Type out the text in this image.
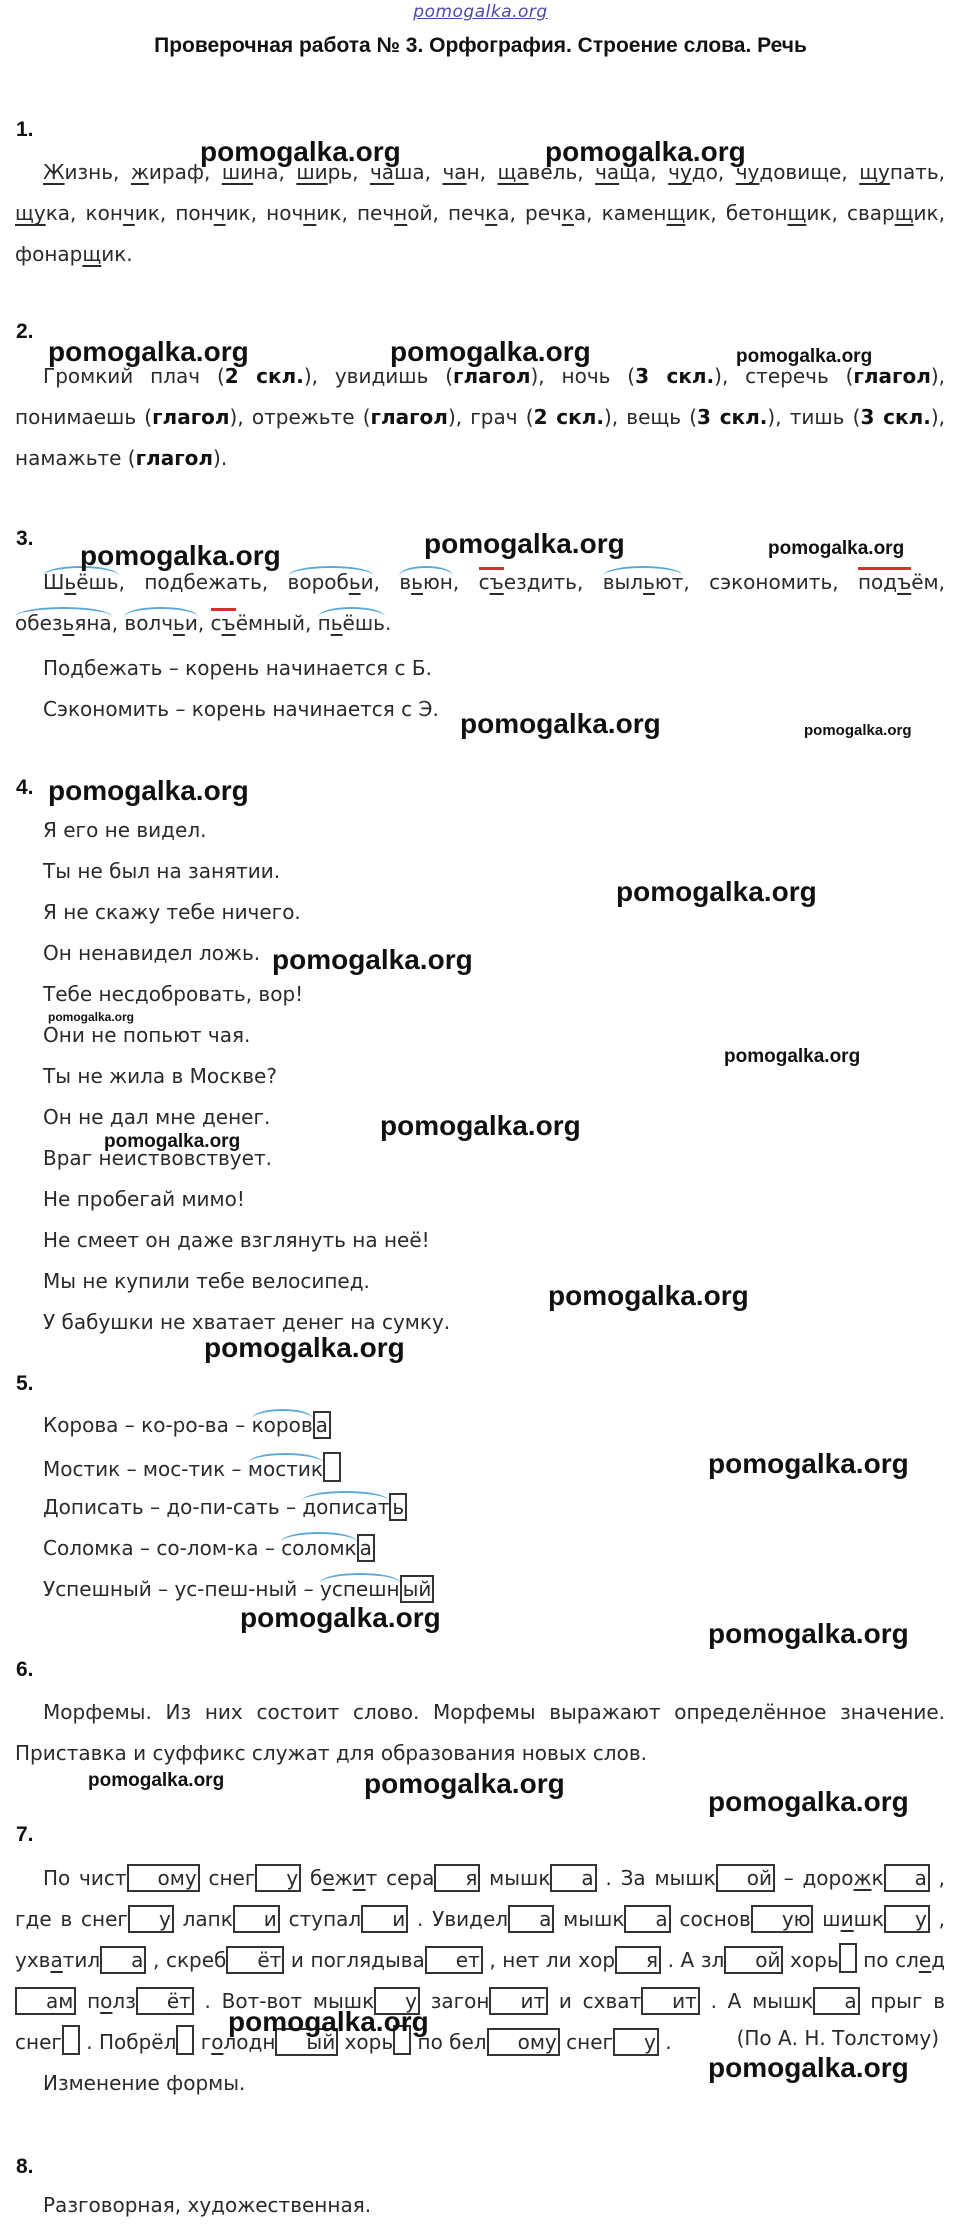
pomogalka.org
Проверочная работа № 3. Орфография. Строение слова. Речь
1.
Жизнь, жираф, шина, ширь, чаша, чан, щавель, чаща, чудо, чудовище, щупать, щука, кончик, пончик, ночник, печной, печка, речка, каменщик, бетонщик, сварщик, фонарщик.
2.
Громкий плач (2 скл.), увидишь (глагол), ночь (3 скл.), стеречь (глагол), понимаешь (глагол), отрежьте (глагол), грач (2 скл.), вещь (3 скл.), тишь (3 скл.), намажьте (глагол).
3.
Шьёшь, подбежать, воробьи, вьюн, съездить, выльют, сэкономить, подъём, обезьяна, волчьи, съёмный, пьёшь.
Подбежать – корень начинается с Б.
Сэкономить – корень начинается с Э.
4.
Я его не видел.
Ты не был на занятии.
Я не скажу тебе ничего.
Он ненавидел ложь.
Тебе несдобровать, вор!
Они не попьют чая.
Ты не жила в Москве?
Он не дал мне денег.
Враг неиствовствует.
Не пробегай мимо!
Не смеет он даже взглянуть на неё!
Мы не купили тебе велосипед.
У бабушки не хватает денег на сумку.
5.
Корова – ко-ро-ва – коров а
Мостик – мос-тик – мостик
Дописать – до-пи-сать – дописат ь
Соломка – со-лом-ка – соломк а
Успешный – ус-пеш-ный – успешн ый
6.
Морфемы. Из них состоит слово. Морфемы выражают определённое значение. Приставка и суффикс служат для образования новых слов.
7.
По чист ому снег у бежит сера я мышк а . За мышк ой – дорожк а , где в снег у лапк и ступал и . Увидел а мышк а соснов ую шишк у , ухватил а , скреб ёт и поглядыва ет , нет ли хор я . А зл ой хорь по следам полз ёт . Вот-вот мышк у загон ит и схват ит . А мышк а прыг в снег . Побрёл голодн ый хорь по бел ому снег у .	(По А. Н. Толстому)
Изменение формы.
8.
Разговорная, художественная.
pomogalka.org	pomogalka.org
pomogalka.org	pomogalka.org	pomogalka.org
pomogalka.org	pomogalka.org	pomogalka.org
pomogalka.org	pomogalka.org
pomogalka.org
pomogalka.org
pomogalka.org
pomogalka.org
pomogalka.org
pomogalka.org
pomogalka.org
pomogalka.org
pomogalka.org
pomogalka.org
pomogalka.org
pomogalka.org
pomogalka.org	pomogalka.org
pomogalka.org
pomogalka.org
pomogalka.org
